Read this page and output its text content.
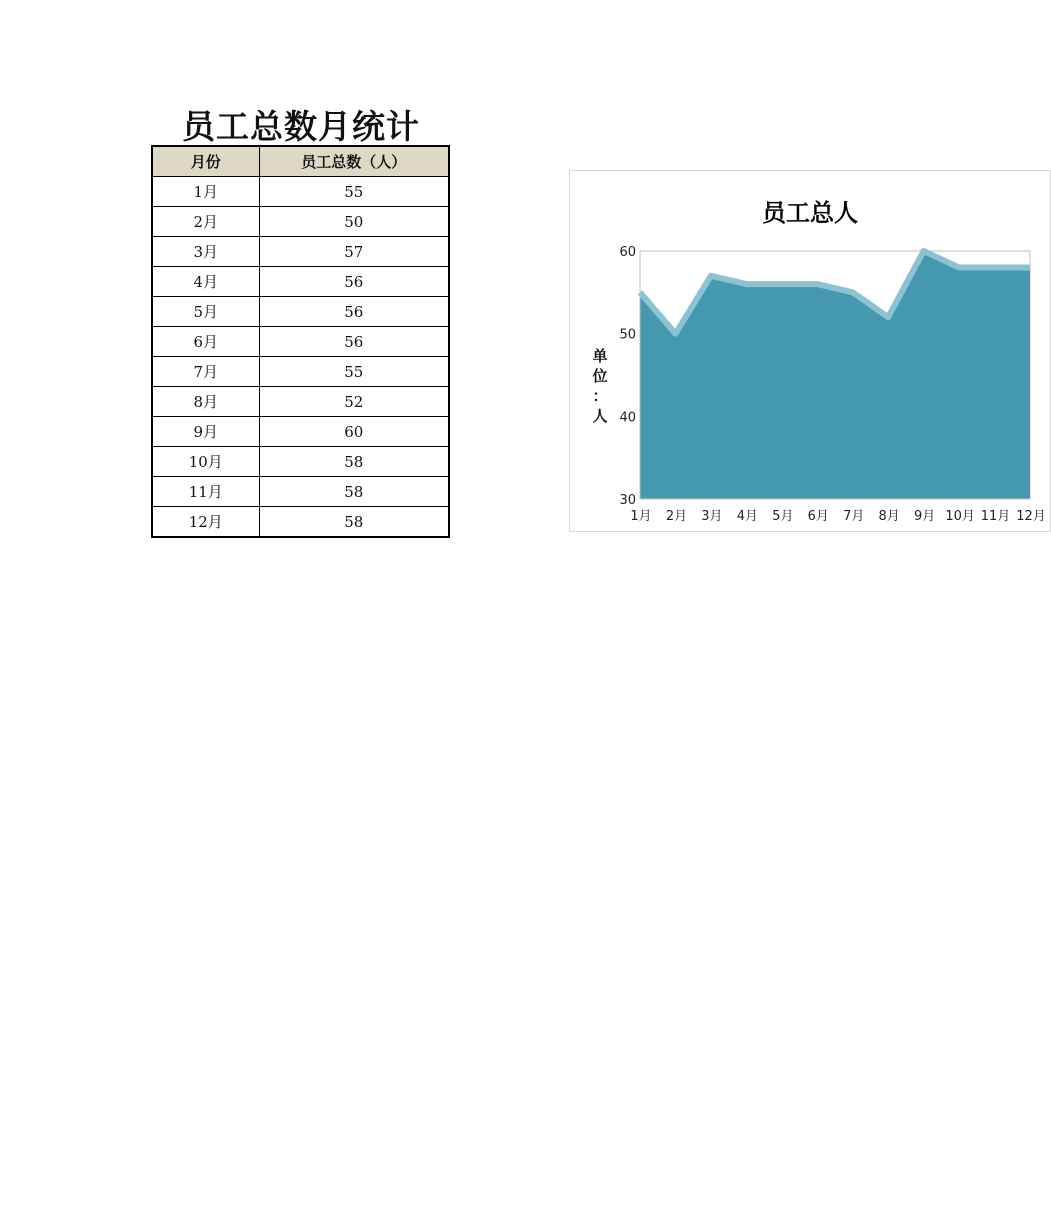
员工总数月统计
月份	员工总数（人）
1月	55
2月	50
3月	57
4月	56
5月	56
6月	56
7月	55
8月	52
9月	60
10月	58
11月	58
12月	58
员工总人
30
40
50
60
1月 2月 3月 4月 5月 6月 7月 8月 9月 10月 11月 12月
单位：人
